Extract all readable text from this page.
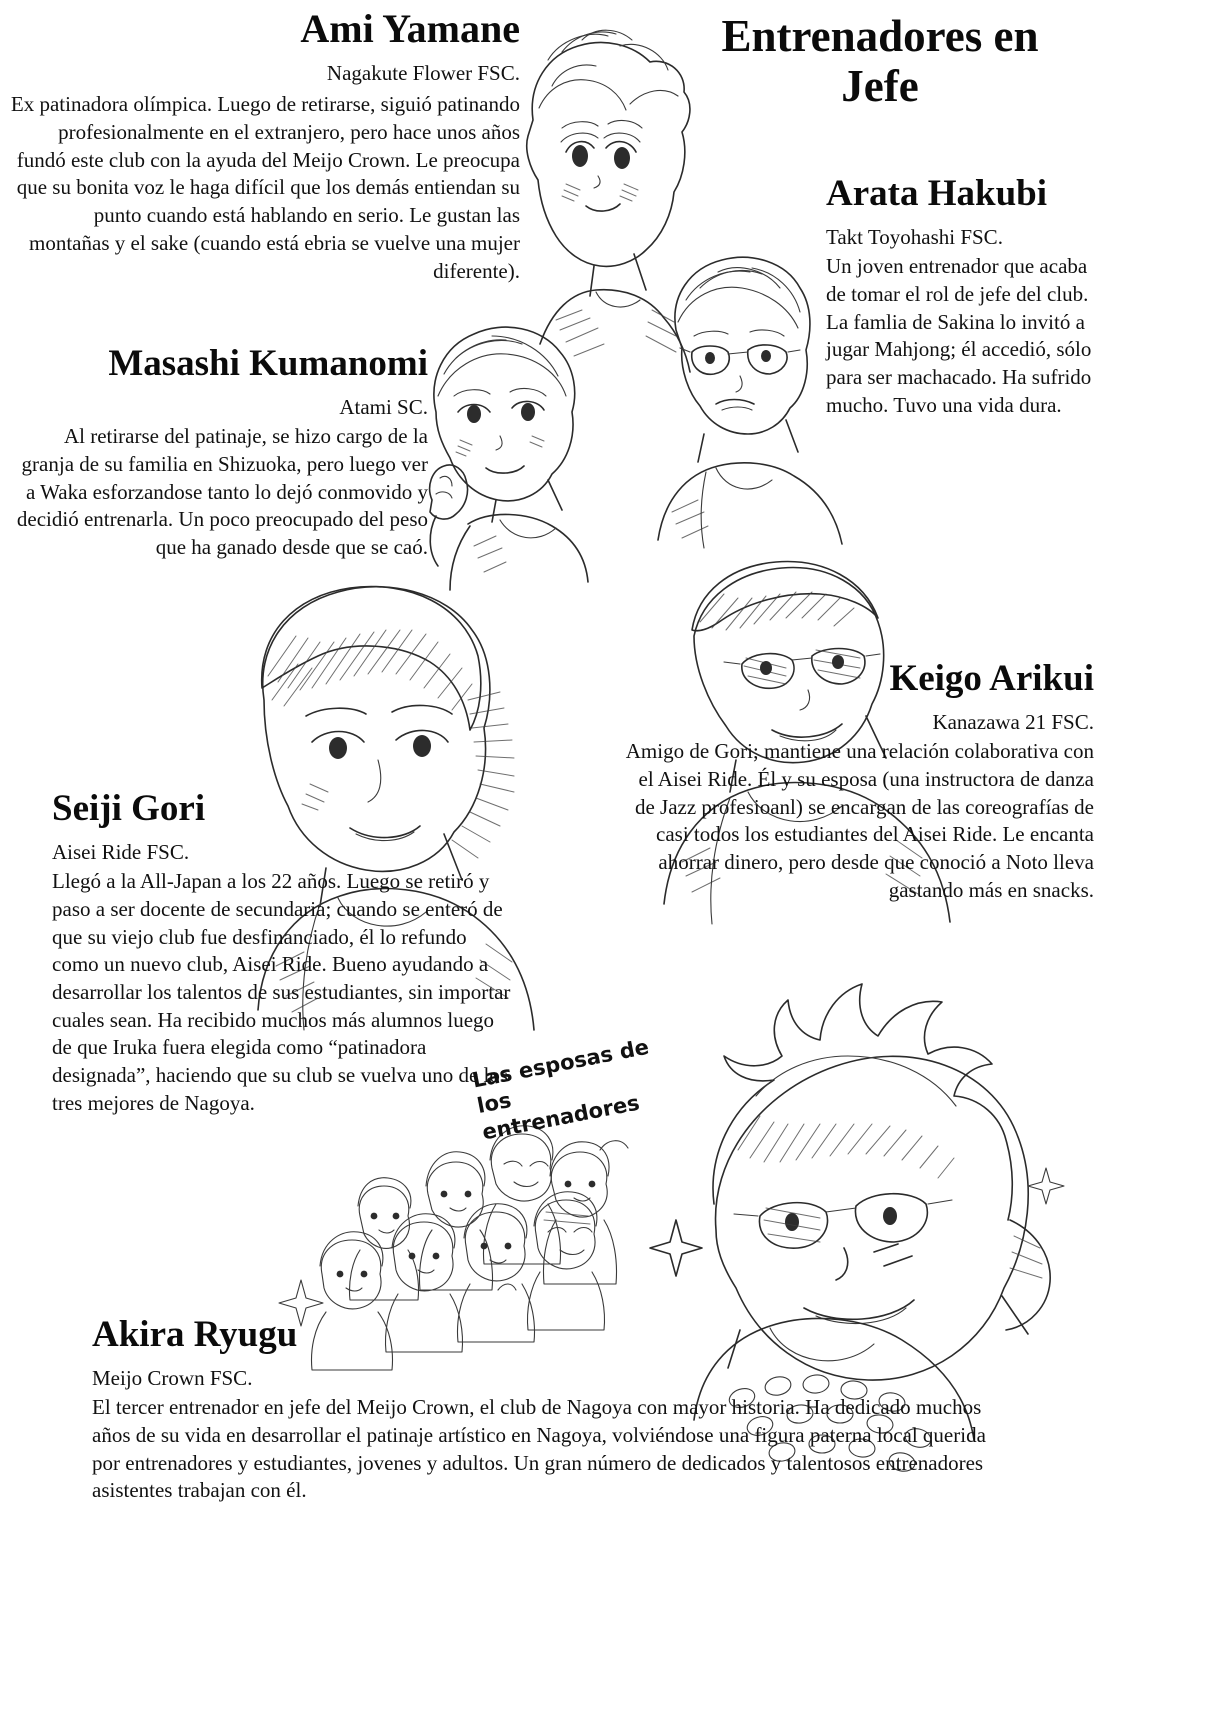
Entrenadores en Jefe
Ami Yamane
Nagakute Flower FSC.
Ex patinadora olímpica. Luego de retirarse, siguió patinando profesionalmente en el extranjero, pero hace unos años fundó este club con la ayuda del Meijo Crown. Le preocupa que su bonita voz le haga difícil que los demás entiendan su punto cuando está hablando en serio. Le gustan las montañas y el sake (cuando está ebria se vuelve una mujer diferente).
Arata Hakubi
Takt Toyohashi FSC.
Un joven entrenador que acaba de tomar el rol de jefe del club. La famlia de Sakina lo invitó a jugar Mahjong; él accedió, sólo para ser machacado. Ha sufrido mucho. Tuvo una vida dura.
Masashi Kumanomi
Atami SC.
Al retirarse del patinaje, se hizo cargo de la granja de su familia en Shizuoka, pero luego ver a Waka esforzandose tanto lo dejó conmovido y decidió entrenarla. Un poco preocupado del peso que ha ganado desde que se caó.
Keigo Arikui
Kanazawa 21 FSC.
Amigo de Gori; mantiene una relación colaborativa con el Aisei Ride. Él y su esposa (una instructora de danza de Jazz profesioanl) se encargan de las coreografías de casi todos los estudiantes del Aisei Ride. Le encanta ahorrar dinero, pero desde que conoció a Noto lleva gastando más en snacks.
Seiji Gori
Aisei Ride FSC.
Llegó a la All-Japan a los 22 años. Luego se retiró y paso a ser docente de secundaria; cuando se enteró de que su viejo club fue desfinanciado, él lo refundo como un nuevo club, Aisei Ride. Bueno ayudando a desarrollar los talentos de sus estudiantes, sin importar cuales sean. Ha recibido muchos más alumnos luego de que Iruka fuera elegida como “patinadora designada”, haciendo que su club se vuelva uno de los tres mejores de Nagoya.
Akira Ryugu
Meijo Crown FSC.
El tercer entrenador en jefe del Meijo Crown, el club de Nagoya con mayor historia. Ha dedicado muchos años de su vida en desarrollar el patinaje artístico en Nagoya, volviéndose una figura paterna local querida por entrenadores y estudiantes, jovenes y adultos. Un gran número de dedicados y talentosos entrenadores asistentes trabajan con él.
Las esposas de
los entrenadores
